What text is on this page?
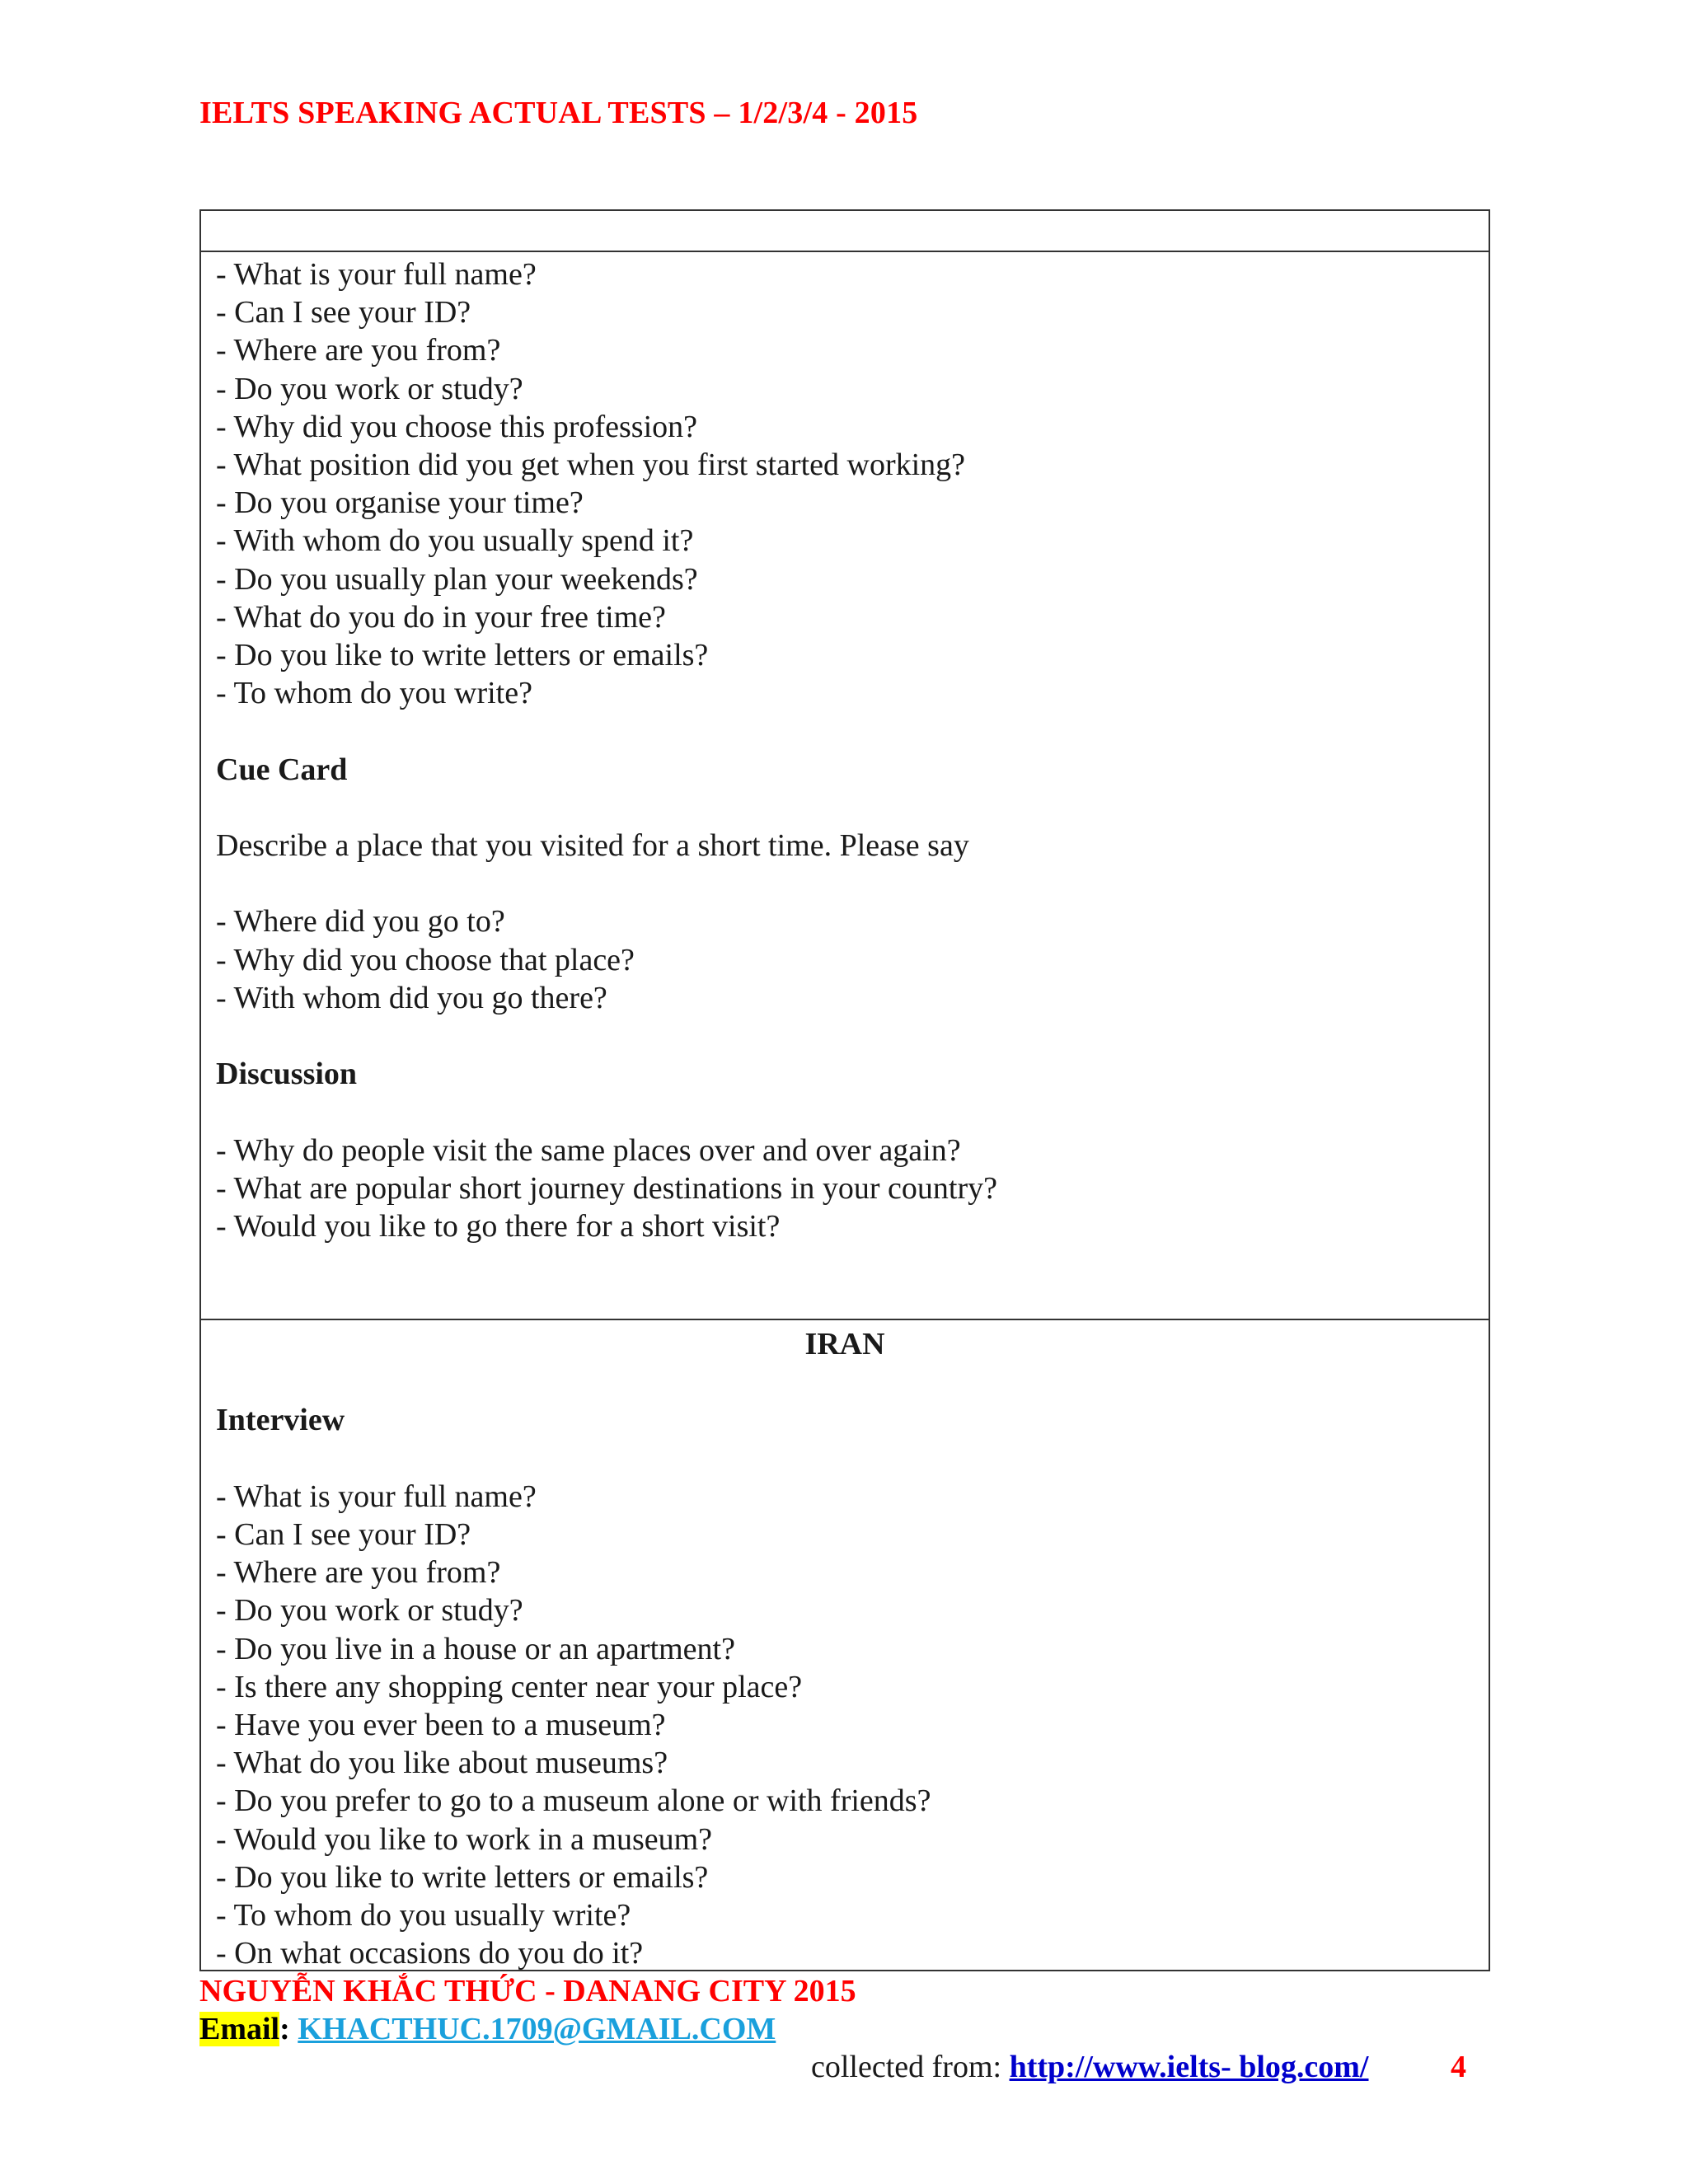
IELTS SPEAKING ACTUAL TESTS – 1/2/3/4 - 2015
- What is your full name?
- Can I see your ID?
- Where are you from?
- Do you work or study?
- Why did you choose this profession?
- What position did you get when you first started working?
- Do you organise your time?
- With whom do you usually spend it?
- Do you usually plan your weekends?
- What do you do in your free time?
- Do you like to write letters or emails?
- To whom do you write?
Cue Card
Describe a place that you visited for a short time. Please say
- Where did you go to?
- Why did you choose that place?
- With whom did you go there?
Discussion
- Why do people visit the same places over and over again?
- What are popular short journey destinations in your country?
- Would you like to go there for a short visit?
IRAN
Interview
- What is your full name?
- Can I see your ID?
- Where are you from?
- Do you work or study?
- Do you live in a house or an apartment?
- Is there any shopping center near your place?
- Have you ever been to a museum?
- What do you like about museums?
- Do you prefer to go to a museum alone or with friends?
- Would you like to work in a museum?
- Do you like to write letters or emails?
- To whom do you usually write?
- On what occasions do you do it?
NGUYỄN KHẮC THỨC - DANANG CITY 2015
Email: KHACTHUC.1709@GMAIL.COM
collected from: http://www.ielts- blog.com/	4
